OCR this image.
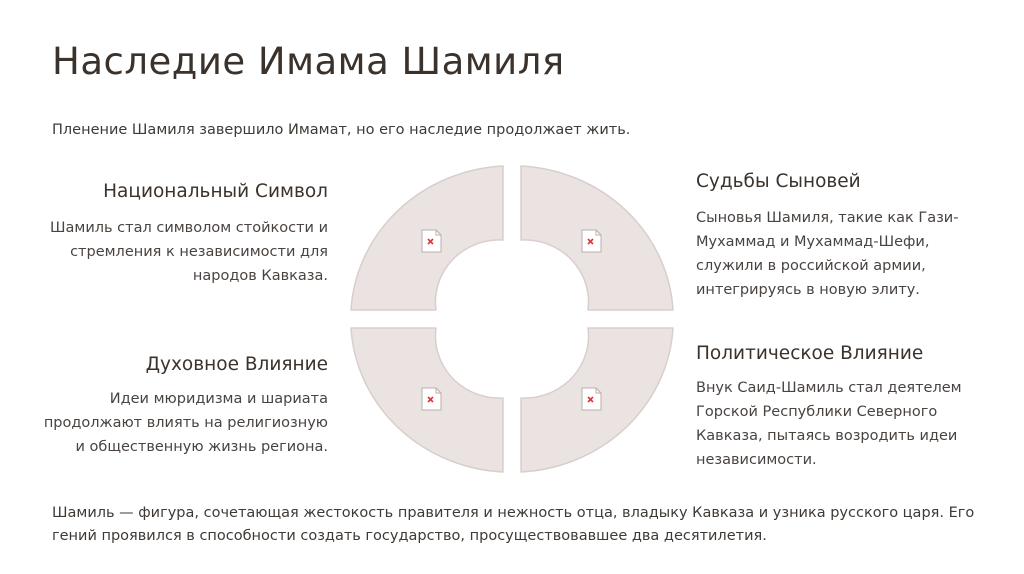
Наследие Имама Шамиля
Пленение Шамиля завершило Имамат, но его наследие продолжает жить.
Национальный Символ

Шамиль стал символом стойкости и стремления к независимости для народов Кавказа.

Судьбы Сыновей

Сыновья Шамиля, такие как Гази-Мухаммад и Мухаммад-Шефи, служили в российской армии, интегрируясь в новую элиту.

Духовное Влияние

Идеи мюридизма и шариата продолжают влиять на религиозную и общественную жизнь региона.

Политическое Влияние

Внук Саид-Шамиль стал деятелем Горской Республики Северного Кавказа, пытаясь возродить идеи независимости.

Шамиль — фигура, сочетающая жестокость правителя и нежность отца, владыку Кавказа и узника русского царя. Его гений проявился в способности создать государство, просуществовавшее два десятилетия.
